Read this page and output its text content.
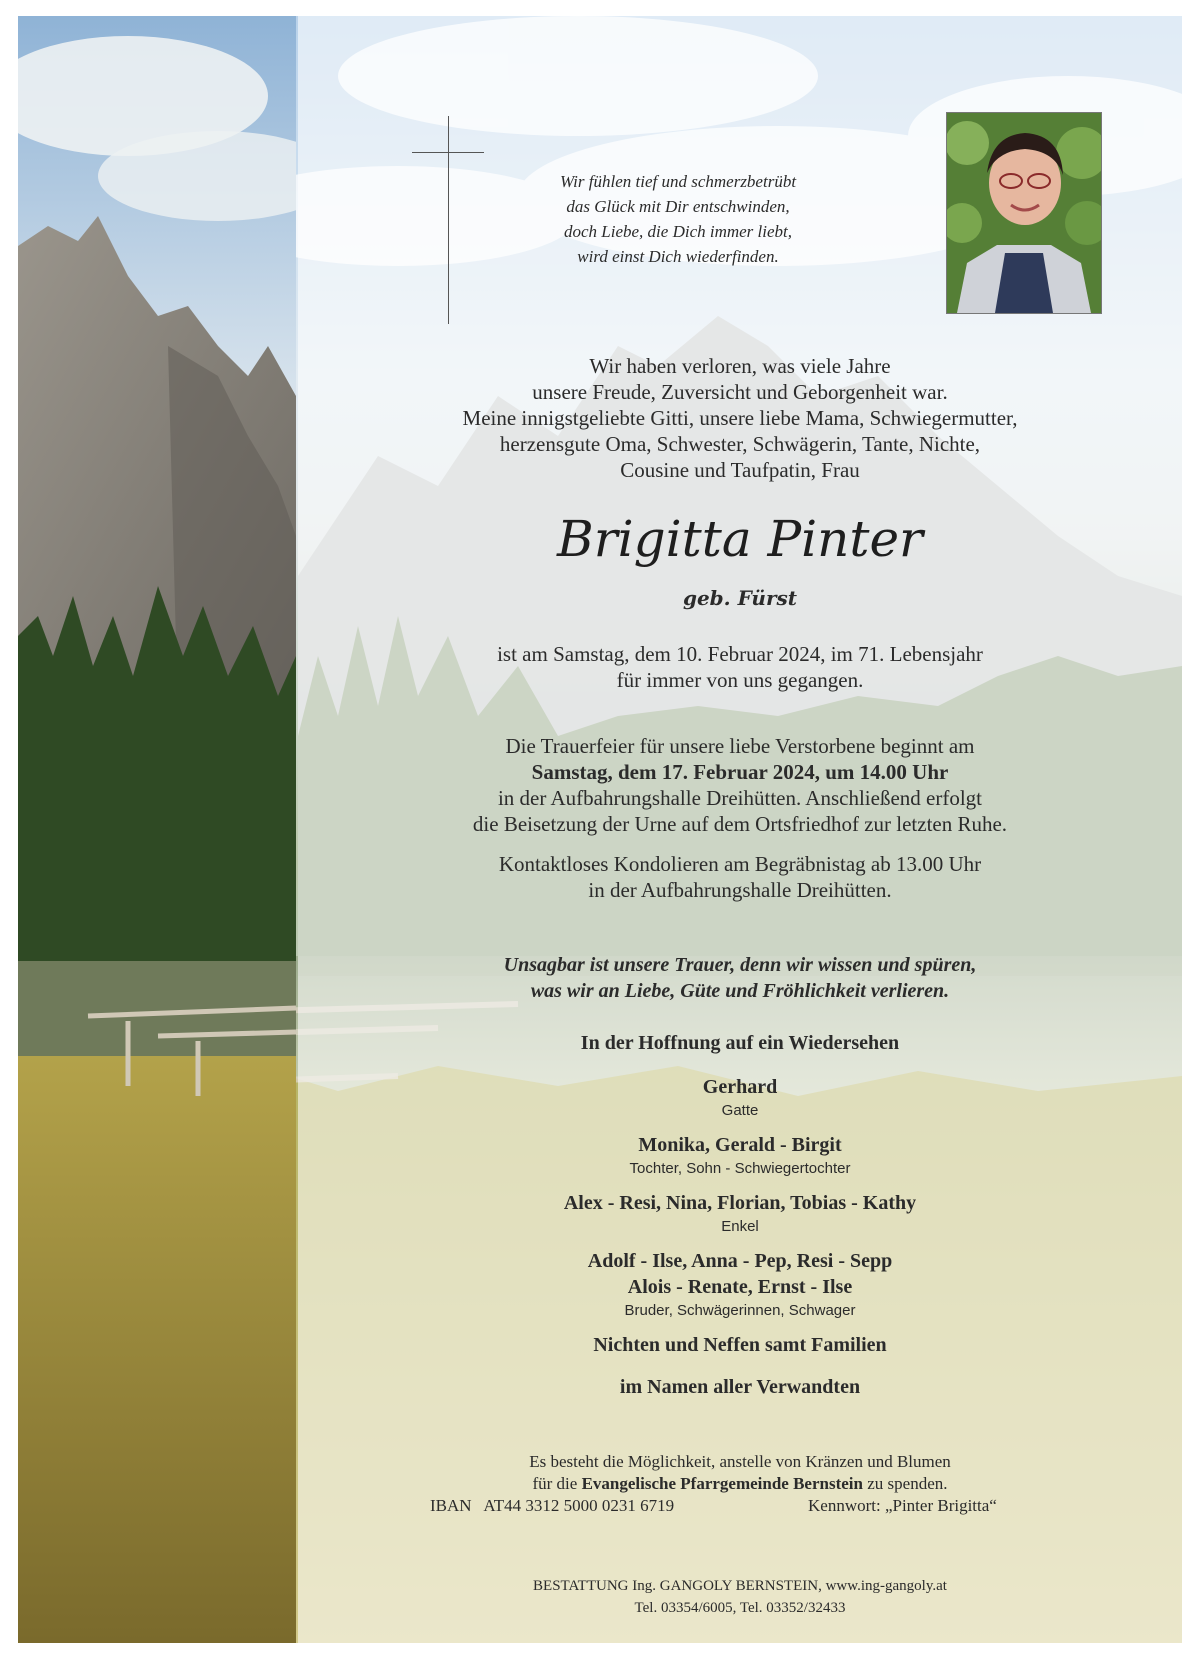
Wir fühlen tief und schmerzbetrübt
das Glück mit Dir entschwinden,
doch Liebe, die Dich immer liebt,
wird einst Dich wiederfinden.
Wir haben verloren, was viele Jahre
unsere Freude, Zuversicht und Geborgenheit war.
Meine innigstgeliebte Gitti, unsere liebe Mama, Schwiegermutter,
herzensgute Oma, Schwester, Schwägerin, Tante, Nichte,
Cousine und Taufpatin, Frau
Brigitta Pinter
geb. Fürst
ist am Samstag, dem 10. Februar 2024, im 71. Lebensjahr
für immer von uns gegangen.
Die Trauerfeier für unsere liebe Verstorbene beginnt am
Samstag, dem 17. Februar 2024, um 14.00 Uhr
in der Aufbahrungshalle Dreihütten. Anschließend erfolgt
die Beisetzung der Urne auf dem Ortsfriedhof zur letzten Ruhe.
Kontaktloses Kondolieren am Begräbnistag ab 13.00 Uhr
in der Aufbahrungshalle Dreihütten.
Unsagbar ist unsere Trauer, denn wir wissen und spüren,
was wir an Liebe, Güte und Fröhlichkeit verlieren.
In der Hoffnung auf ein Wiedersehen
Gerhard
Gatte
Monika, Gerald - Birgit
Tochter, Sohn - Schwiegertochter
Alex - Resi, Nina, Florian, Tobias - Kathy
Enkel
Adolf - Ilse, Anna - Pep, Resi - Sepp
Alois - Renate, Ernst - Ilse
Bruder, Schwägerinnen, Schwager
Nichten und Neffen samt Familien
im Namen aller Verwandten
Es besteht die Möglichkeit, anstelle von Kränzen und Blumen
für die Evangelische Pfarrgemeinde Bernstein zu spenden.
IBAN   AT44 3312 5000 0231 6719	Kennwort: „Pinter Brigitta“
BESTATTUNG Ing. GANGOLY BERNSTEIN, www.ing-gangoly.at
Tel. 03354/6005, Tel. 03352/32433
